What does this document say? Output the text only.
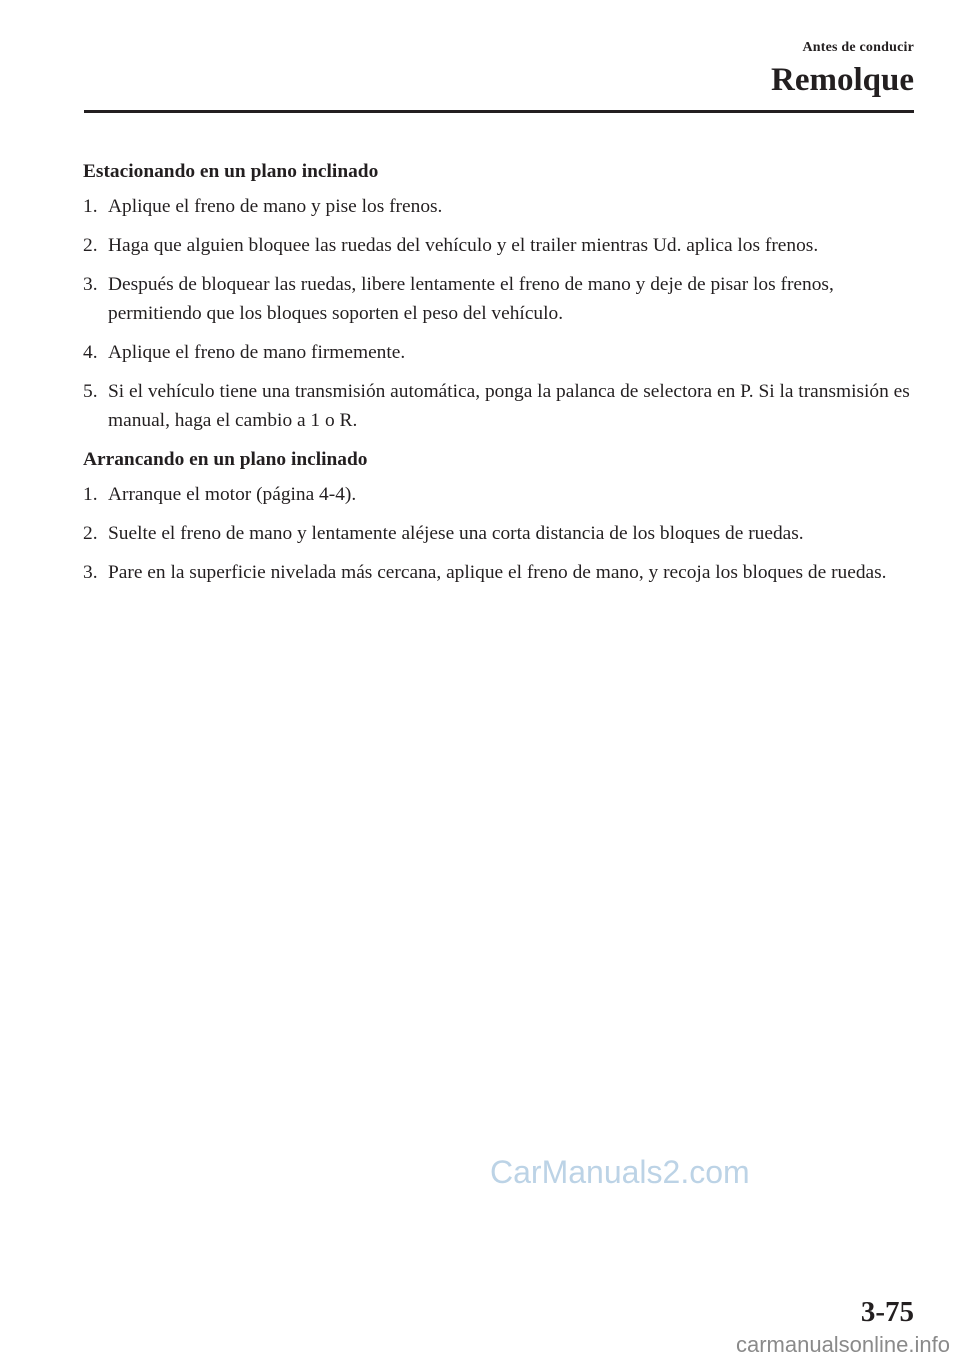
Antes de conducir
Remolque
Estacionando en un plano inclinado
1. Aplique el freno de mano y pise los frenos.
2. Haga que alguien bloquee las ruedas del vehículo y el trailer mientras Ud. aplica los frenos.
3. Después de bloquear las ruedas, libere lentamente el freno de mano y deje de pisar los frenos, permitiendo que los bloques soporten el peso del vehículo.
4. Aplique el freno de mano firmemente.
5. Si el vehículo tiene una transmisión automática, ponga la palanca de selectora en P. Si la transmisión es manual, haga el cambio a 1 o R.
Arrancando en un plano inclinado
1. Arranque el motor (página 4-4).
2. Suelte el freno de mano y lentamente aléjese una corta distancia de los bloques de ruedas.
3. Pare en la superficie nivelada más cercana, aplique el freno de mano, y recoja los bloques de ruedas.
CarManuals2.com
3-75
carmanualsonline.info
